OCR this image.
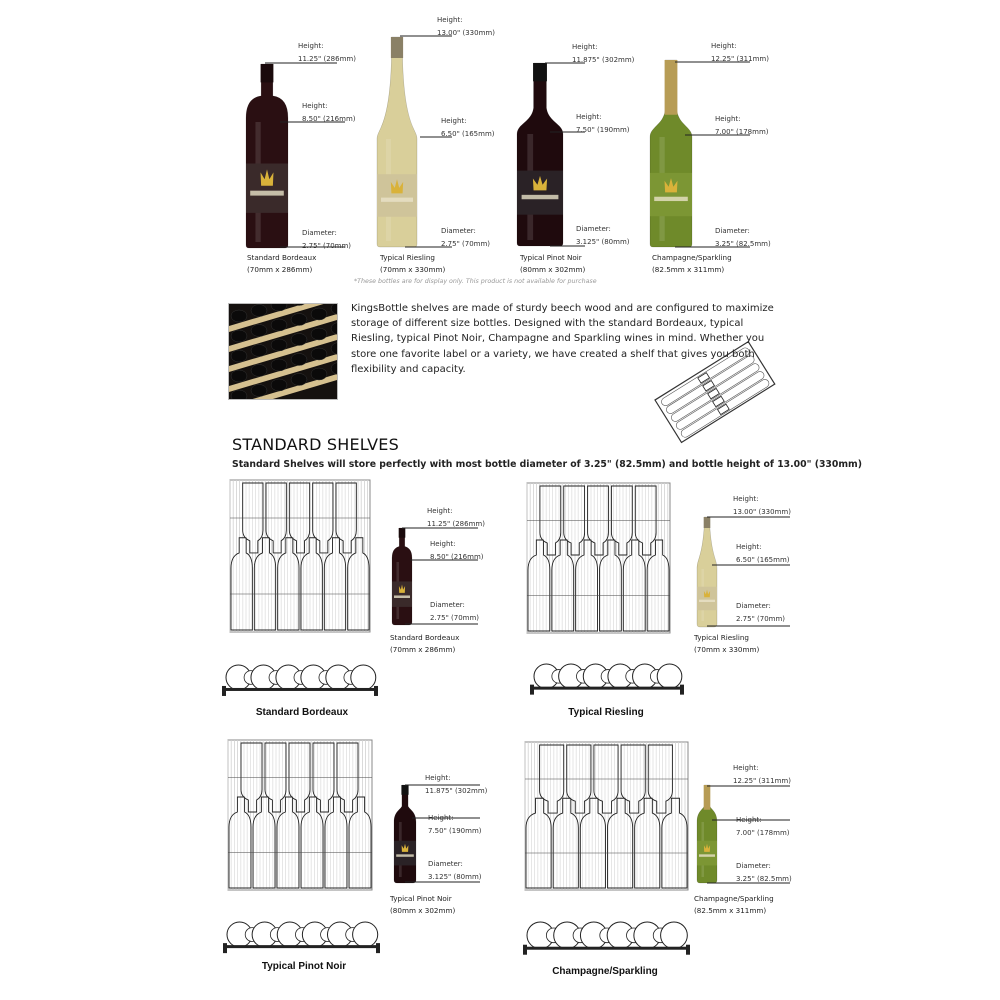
Height:
11.25" (286mm)
Height:
8.50" (216mm)
Diameter:
2.75" (70mm)
Standard Bordeaux
(70mm x 286mm)
Height:
13.00" (330mm)
Height:
6.50" (165mm)
Diameter:
2.75" (70mm)
Typical Riesling
(70mm x 330mm)
Height:
11.875" (302mm)
Height:
7.50" (190mm)
Diameter:
3.125" (80mm)
Typical Pinot Noir
(80mm x 302mm)
Height:
12.25" (311mm)
Height:
7.00" (178mm)
Diameter:
3.25" (82.5mm)
Champagne/Sparkling
(82.5mm x 311mm)
*These bottles are for display only. This product is not available for purchase
KingsBottle shelves are made of sturdy beech wood and are configured to maximize storage of different size bottles. Designed with the standard Bordeaux, typical Riesling, typical Pinot Noir, Champagne and Sparkling wines in mind. Whether you store one favorite label or a variety, we have created a shelf that gives you both flexibility and capacity.
STANDARD SHELVES
Standard Shelves will store perfectly with most bottle diameter of 3.25" (82.5mm) and bottle height of 13.00" (330mm)
Height:
11.25" (286mm)
Height:
8.50" (216mm)
Diameter:
2.75" (70mm)
Standard Bordeaux
(70mm x 286mm)
Height:
13.00" (330mm)
Height:
6.50" (165mm)
Diameter:
2.75" (70mm)
Typical Riesling
(70mm x 330mm)
Height:
11.875" (302mm)
Height:
7.50" (190mm)
Diameter:
3.125" (80mm)
Typical Pinot Noir
(80mm x 302mm)
Height:
12.25" (311mm)
Height:
7.00" (178mm)
Diameter:
3.25" (82.5mm)
Champagne/Sparkling
(82.5mm x 311mm)
Standard Bordeaux	Typical Riesling
Typical Pinot Noir	Champagne/Sparkling
